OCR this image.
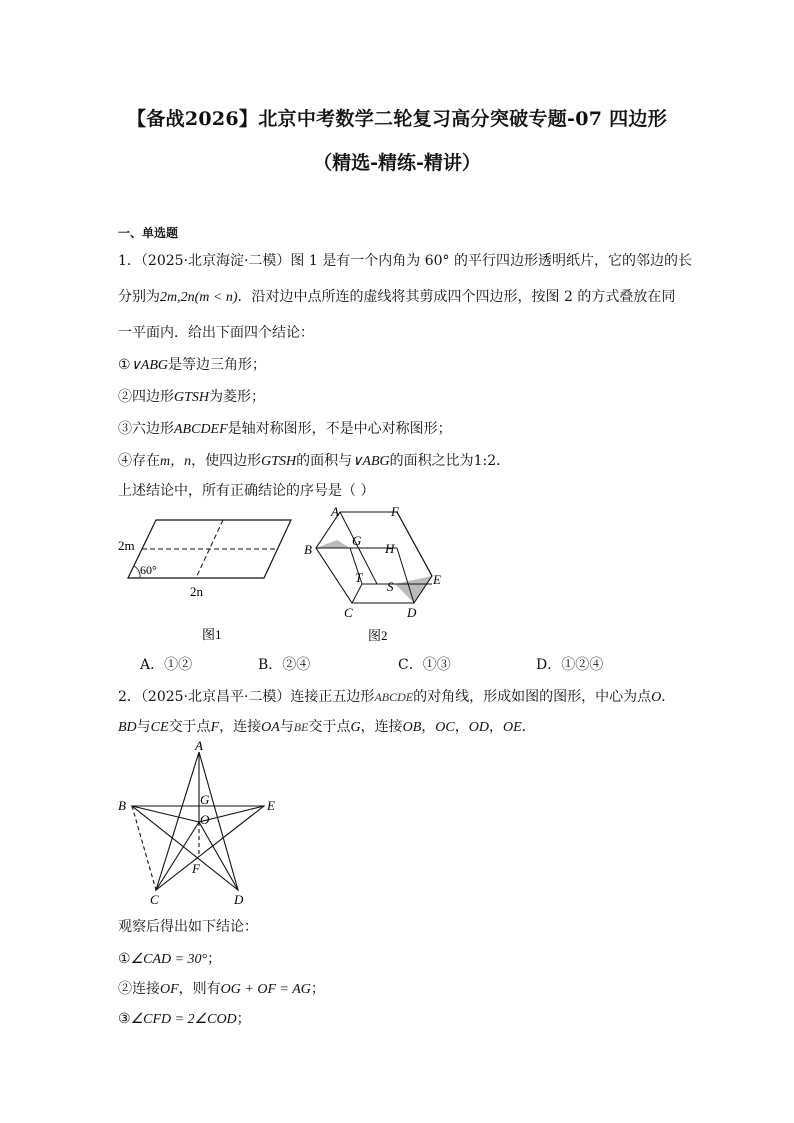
【备战2026】北京中考数学二轮复习高分突破专题-07 四边形
（精选-精练-精讲）
一、单选题
1．（2025·北京海淀·二模）图 1 是有一个内角为 60° 的平行四边形透明纸片，它的邻边的长
分别为2m,2n(m < n)．沿对边中点所连的虚线将其剪成四个四边形，按图 2 的方式叠放在同
一平面内．给出下面四个结论：
①∨ABG是等边三角形；
②四边形GTSH为菱形；
③六边形ABCDEF是轴对称图形，不是中心对称图形；
④存在m，n，使四边形GTSH的面积与∨ABG的面积之比为1:2．
上述结论中，所有正确结论的序号是（ ）
2m
60°
2n
图1
A	F
B
G
H
T
S	E
C	D
图2
A．①②	B．②④	C．①③	D．①②④
2．（2025·北京昌平·二模）连接正五边形ABCDE的对角线，形成如图的图形，中心为点O．
BD与CE交于点F，连接OA与BE交于点G，连接OB，OC，OD，OE．
A
B	E
G
O
F
C	D
观察后得出如下结论：
①∠CAD = 30°；
②连接OF，则有OG + OF = AG；
③∠CFD = 2∠COD；
